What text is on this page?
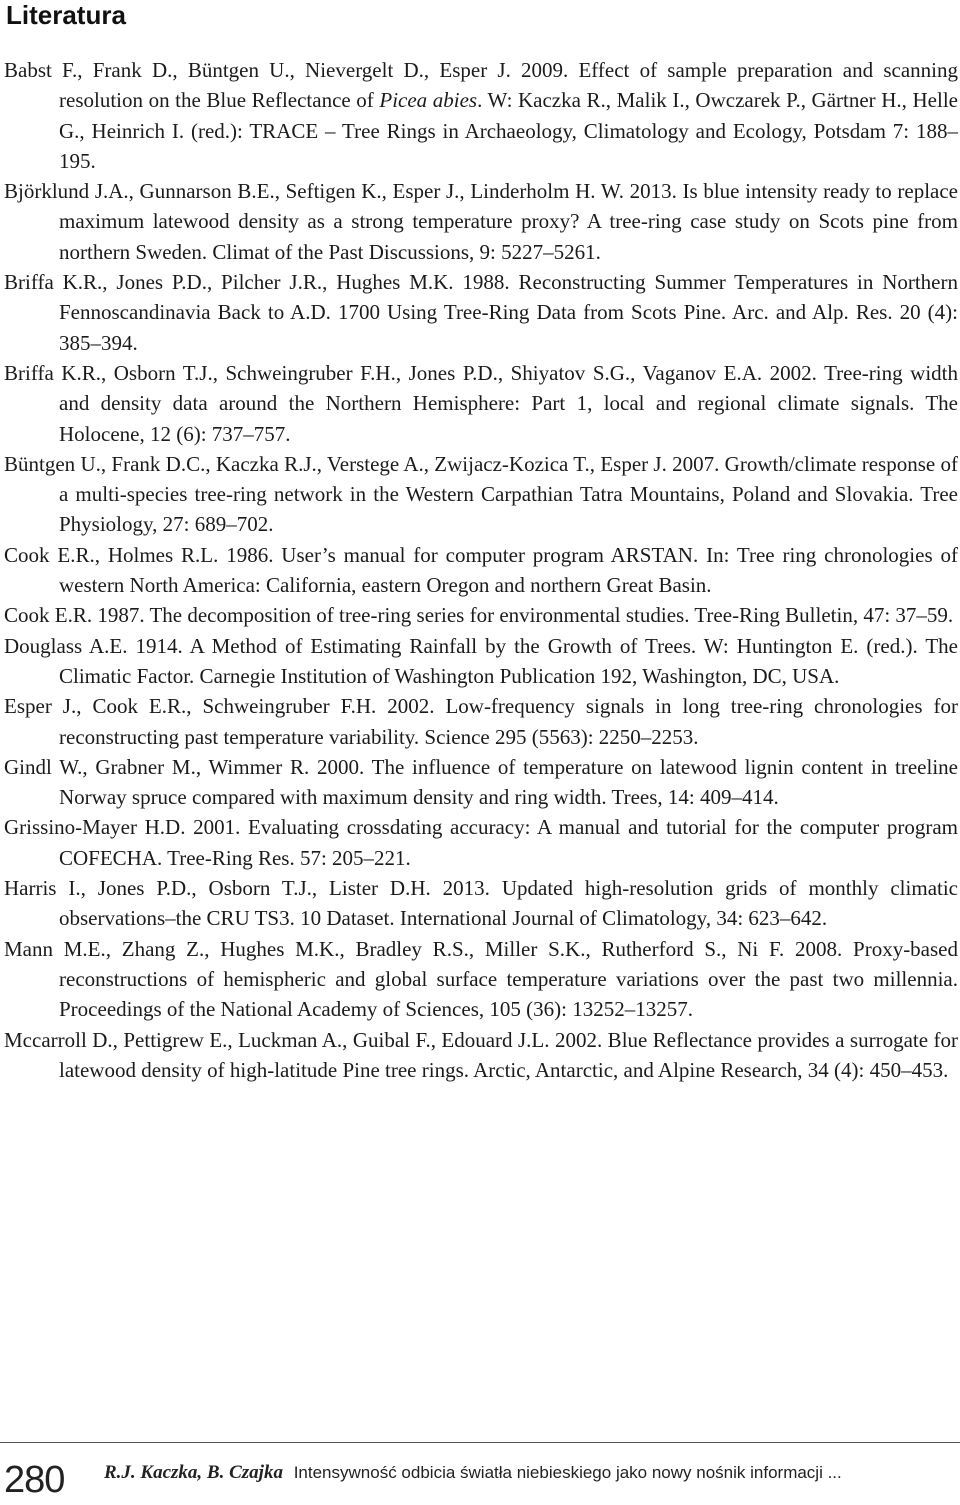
Literatura
Babst F., Frank D., Büntgen U., Nievergelt D., Esper J. 2009. Effect of sample preparation and scanning resolution on the Blue Reflectance of Picea abies. W: Kaczka R., Malik I., Owczarek P., Gärtner H., Helle G., Heinrich I. (red.): TRACE – Tree Rings in Archaeology, Climatology and Ecology, Potsdam 7: 188–195.
Björklund J.A., Gunnarson B.E., Seftigen K., Esper J., Linderholm H. W. 2013. Is blue intensity ready to replace maximum latewood density as a strong temperature proxy? A tree-ring case study on Scots pine from northern Sweden. Climat of the Past Discussions, 9: 5227–5261.
Briffa K.R., Jones P.D., Pilcher J.R., Hughes M.K. 1988. Reconstructing Summer Temperatures in Northern Fennoscandinavia Back to A.D. 1700 Using Tree-Ring Data from Scots Pine. Arc. and Alp. Res. 20 (4): 385–394.
Briffa K.R., Osborn T.J., Schweingruber F.H., Jones P.D., Shiyatov S.G., Vaganov E.A. 2002. Tree-ring width and density data around the Northern Hemisphere: Part 1, local and regional climate signals. The Holocene, 12 (6): 737–757.
Büntgen U., Frank D.C., Kaczka R.J., Verstege A., Zwijacz-Kozica T., Esper J. 2007. Growth/climate response of a multi-species tree-ring network in the Western Carpathian Tatra Mountains, Poland and Slovakia. Tree Physiology, 27: 689–702.
Cook E.R., Holmes R.L. 1986. User’s manual for computer program ARSTAN. In: Tree ring chronologies of western North America: California, eastern Oregon and northern Great Basin.
Cook E.R. 1987. The decomposition of tree-ring series for environmental studies. Tree-Ring Bulletin, 47: 37–59.
Douglass A.E. 1914. A Method of Estimating Rainfall by the Growth of Trees. W: Huntington E. (red.). The Climatic Factor. Carnegie Institution of Washington Publication 192, Washington, DC, USA.
Esper J., Cook E.R., Schweingruber F.H. 2002. Low-frequency signals in long tree-ring chronologies for reconstructing past temperature variability. Science 295 (5563): 2250–2253.
Gindl W., Grabner M., Wimmer R. 2000. The influence of temperature on latewood lignin content in treeline Norway spruce compared with maximum density and ring width. Trees, 14: 409–414.
Grissino-Mayer H.D. 2001. Evaluating crossdating accuracy: A manual and tutorial for the computer program COFECHA. Tree-Ring Res. 57: 205–221.
Harris I., Jones P.D., Osborn T.J., Lister D.H. 2013. Updated high‐resolution grids of monthly climatic observations–the CRU TS3. 10 Dataset. International Journal of Climatology, 34: 623–642.
Mann M.E., Zhang Z., Hughes M.K., Bradley R.S., Miller S.K., Rutherford S., Ni F. 2008. Proxy-based reconstructions of hemispheric and global surface temperature variations over the past two millennia. Proceedings of the National Academy of Sciences, 105 (36): 13252–13257.
Mccarroll D., Pettigrew E., Luckman A., Guibal F., Edouard J.L. 2002. Blue Reflectance provides a surrogate for latewood density of high-latitude Pine tree rings. Arctic, Antarctic, and Alpine Research, 34 (4): 450–453.
280 R.J. Kaczka, B. Czajka Intensywność odbicia światła niebieskiego jako nowy nośnik informacji ...
